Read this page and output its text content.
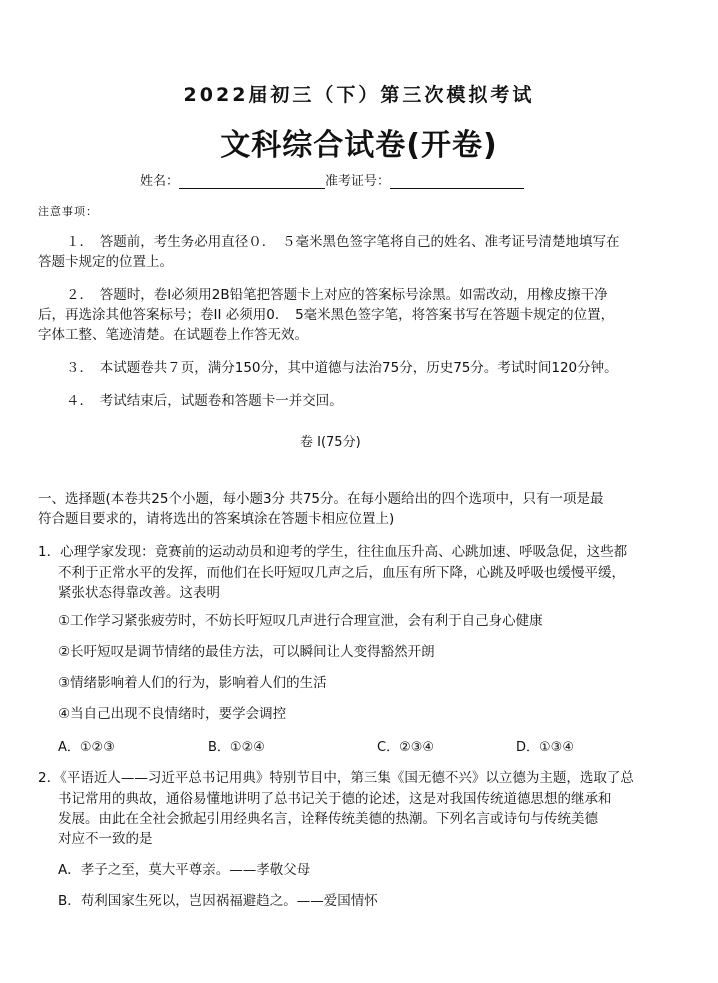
2022届初三（下）第三次模拟考试
文科综合试卷(开卷)
姓名：	准考证号：
注意事项：
１．　答题前，考生务必用直径０．　５毫米黑色签字笔将自己的姓名、准考证号清楚地填写在
答题卡规定的位置上。
２．　答题时，卷Ⅰ必须用2B铅笔把答题卡上对应的答案标号涂黑。如需改动，用橡皮擦干净
后，再选涂其他答案标号；卷II 必须用0．　5毫米黑色签字笔，将答案书写在答题卡规定的位置，
字体工整、笔迹清楚。在试题卷上作答无效。
３．　本试题卷共７页，满分150分，其中道德与法治75分，历史75分。考试时间120分钟。
４．　考试结束后，试题卷和答题卡一并交回。
卷 I(75分)
一、选择题(本卷共25个小题，每小题3分 共75分。在每小题给出的四个选项中，只有一项是最
符合题目要求的，请将选出的答案填涂在答题卡相应位置上)
1．心理学家发现：竟赛前的运动动员和迎考的学生，往往血压升高、心跳加速、呼吸急促，这些都
不利于正常水平的发挥，而他们在长吁短叹几声之后，血压有所下降，心跳及呼吸也缓慢平缓，
紧张状态得靠改善。这表明
①工作学习紧张疲劳时，不妨长吁短叹几声进行合理宣泄，会有利于自己身心健康
②长吁短叹是调节情绪的最佳方法，可以瞬间让人变得豁然开朗
③情绪影响着人们的行为，影响着人们的生活
④当自己出现不良情绪时，要学会调控
A．①②③	B．①②④	C．②③④	D．①③④
2．《平语近人——习近平总书记用典》特别节目中，第三集《国无德不兴》以立德为主题，选取了总
书记常用的典故，通俗易懂地讲明了总书记关于德的论述，这是对我国传统道德思想的继承和
发展。由此在全社会掀起引用经典名言，诠释传统美德的热潮。下列名言或诗句与传统美德
对应不一致的是
A．孝子之至，莫大平尊亲。——孝敬父母
B．苟利国家生死以，岂因祸福避趋之。——爱国情怀
